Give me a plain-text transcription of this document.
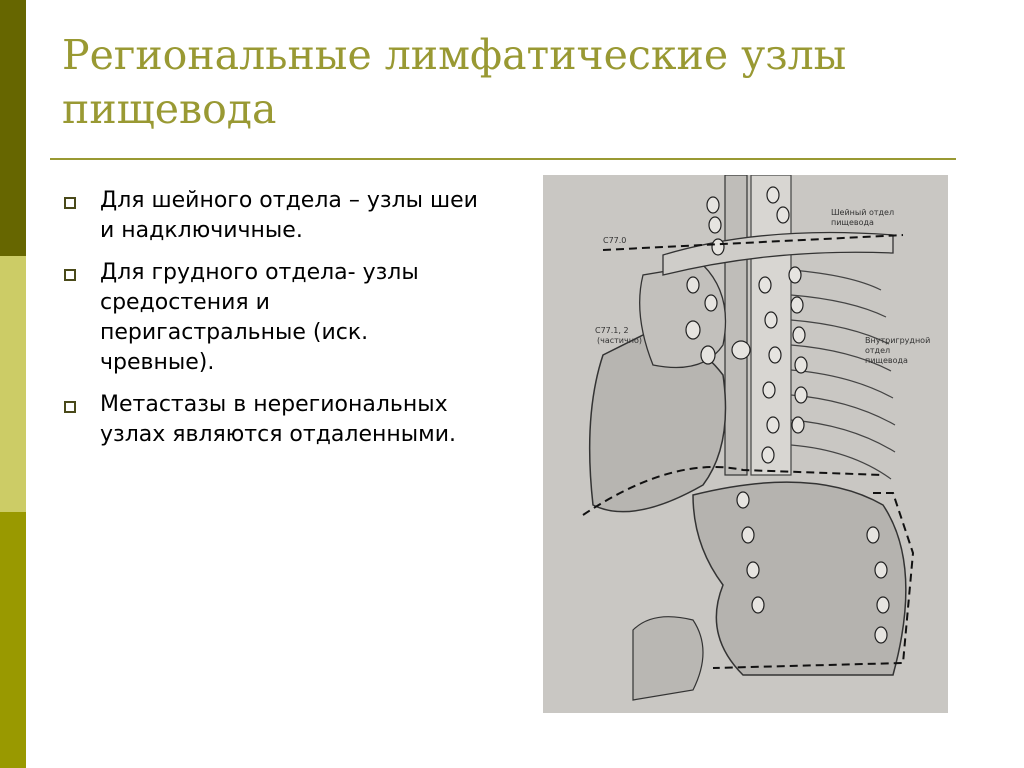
Региональные лимфатические узлы пищевода
Для шейного отдела – узлы шеи и надключичные.
Для грудного отдела- узлы средостения и перигастральные (иск. чревные).
Метастазы в нерегиональных узлах являются отдаленными.
C77.0
Шейный отдел
пищевода
C77.1, 2
(частично)	Внутригрудной
отдел
пищевода
